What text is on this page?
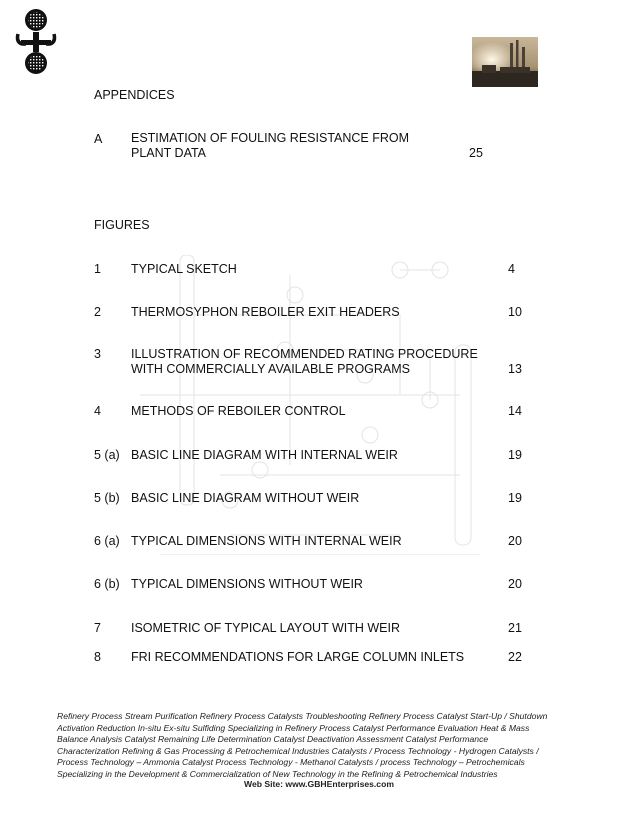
APPENDICES
A ESTIMATION OF FOULING RESISTANCE FROM
PLANT DATA	25
FIGURES
1 TYPICAL SKETCH	4
2 THERMOSYPHON REBOILER EXIT HEADERS	10
3 ILLUSTRATION OF RECOMMENDED RATING PROCEDURE
WITH COMMERCIALLY AVAILABLE PROGRAMS	13
4 METHODS OF REBOILER CONTROL	14
5 (a) BASIC LINE DIAGRAM WITH INTERNAL WEIR	19
5 (b) BASIC LINE DIAGRAM WITHOUT WEIR	19
6 (a) TYPICAL DIMENSIONS WITH INTERNAL WEIR	20
6 (b) TYPICAL DIMENSIONS WITHOUT WEIR	20
7 ISOMETRIC OF TYPICAL LAYOUT WITH WEIR	21
8 FRI RECOMMENDATIONS FOR LARGE COLUMN INLETS	22
Refinery Process Stream Purification Refinery Process Catalysts Troubleshooting Refinery Process Catalyst Start-Up / Shutdown
Activation Reduction In-situ Ex-situ Sulfiding Specializing in Refinery Process Catalyst Performance Evaluation Heat & Mass
Balance Analysis Catalyst Remaining Life Determination Catalyst Deactivation Assessment Catalyst Performance
Characterization Refining & Gas Processing & Petrochemical Industries Catalysts / Process Technology - Hydrogen Catalysts /
Process Technology – Ammonia Catalyst Process Technology - Methanol Catalysts / process Technology – Petrochemicals
Specializing in the Development & Commercialization of New Technology in the Refining & Petrochemical Industries
Web Site: www.GBHEnterprises.com
